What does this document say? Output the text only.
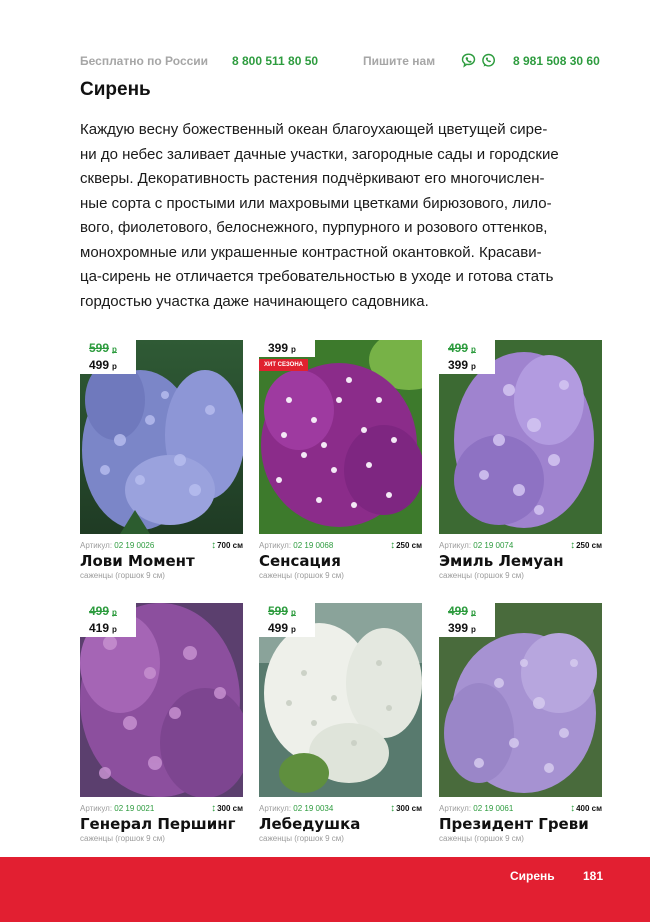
Бесплатно по России 8 800 511 80 50	Пишите нам	8 981 508 30 60
Сирень
Каждую весну божественный океан благоухающей цветущей сире-
ни до небес заливает дачные участки, загородные сады и городские
скверы. Декоративность растения подчёркивают его многочислен-
ные сорта с простыми или махровыми цветками бирюзового, лило-
вого, фиолетового, белоснежного, пурпурного и розового оттенков,
монохромные или украшенные контрастной окантовкой. Красави-
ца-сирень не отличается требовательностью в уходе и готова стать
гордостью участка даже начинающего садовника.
599 р
499 р
Артикул: 02 19 0026	↕700 см
Лови Момент
саженцы (горшок 9 см)
399 р
ХИТ СЕЗОНА
Артикул: 02 19 0068	↕250 см
Сенсация
саженцы (горшок 9 см)
499 р
399 р
Артикул: 02 19 0074	↕250 см
Эмиль Лемуан
саженцы (горшок 9 см)
499 р
419 р
Артикул: 02 19 0021	↕300 см
Генерал Першинг
саженцы (горшок 9 см)
599 р
499 р
Артикул: 02 19 0034	↕300 см
Лебедушка
саженцы (горшок 9 см)
499 р
399 р
Артикул: 02 19 0061	↕400 см
Президент Греви
саженцы (горшок 9 см)
Сирень 181
